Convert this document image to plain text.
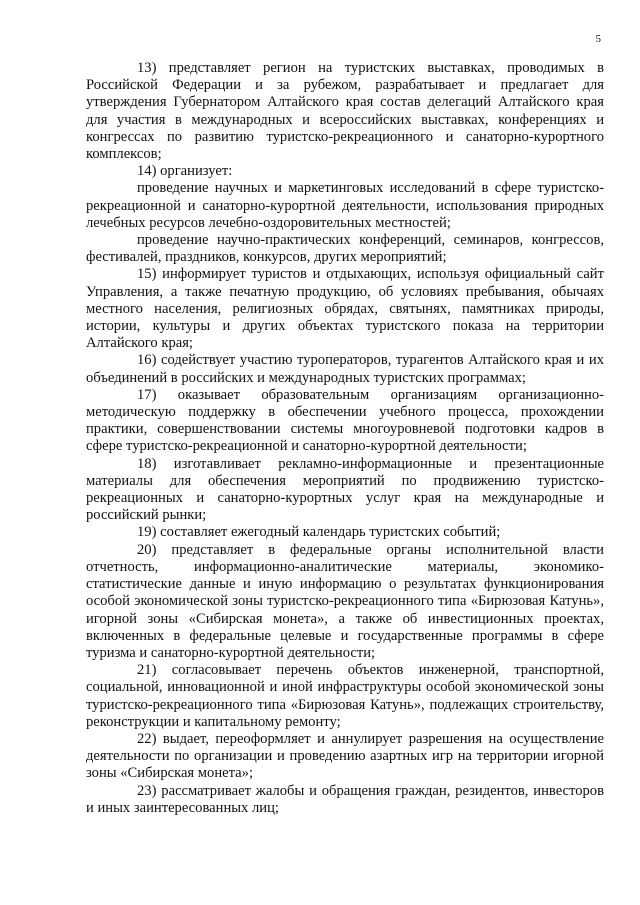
5

13) представляет регион на туристских выставках, проводимых в Российской Федерации и за рубежом, разрабатывает и предлагает для утверждения Губернатором Алтайского края состав делегаций Алтайского края для участия в международных и всероссийских выставках, конференциях и конгрессах по развитию туристско-рекреационного и санаторно-курортного комплексов;

14) организует:

проведение научных и маркетинговых исследований в сфере туристско-рекреационной и санаторно-курортной деятельности, использования природных лечебных ресурсов лечебно-оздоровительных местностей;

проведение научно-практических конференций, семинаров, конгрессов, фестивалей, праздников, конкурсов, других мероприятий;

15) информирует туристов и отдыхающих, используя официальный сайт Управления, а также печатную продукцию, об условиях пребывания, обычаях местного населения, религиозных обрядах, святынях, памятниках природы, истории, культуры и других объектах туристского показа на территории Алтайского края;

16) содействует участию туроператоров, турагентов Алтайского края и их объединений в российских и международных туристских программах;

17) оказывает образовательным организациям организационно-методическую поддержку в обеспечении учебного процесса, прохождении практики, совершенствовании системы многоуровневой подготовки кадров в сфере туристско-рекреационной и санаторно-курортной деятельности;

18) изготавливает рекламно-информационные и презентационные материалы для обеспечения мероприятий по продвижению туристско-рекреационных и санаторно-курортных услуг края на международные и российский рынки;

19) составляет ежегодный календарь туристских событий;

20) представляет в федеральные органы исполнительной власти отчетность, информационно-аналитические материалы, экономико-статистические данные и иную информацию о результатах функционирования особой экономической зоны туристско-рекреационного типа «Бирюзовая Катунь», игорной зоны «Сибирская монета», а также об инвестиционных проектах, включенных в федеральные целевые и государственные программы в сфере туризма и санаторно-курортной деятельности;

21) согласовывает перечень объектов инженерной, транспортной, социальной, инновационной и иной инфраструктуры особой экономической зоны туристско-рекреационного типа «Бирюзовая Катунь», подлежащих строительству, реконструкции и капитальному ремонту;

22) выдает, переоформляет и аннулирует разрешения на осуществление деятельности по организации и проведению азартных игр на территории игорной зоны «Сибирская монета»;

23) рассматривает жалобы и обращения граждан, резидентов, инвесторов и иных заинтересованных лиц;
